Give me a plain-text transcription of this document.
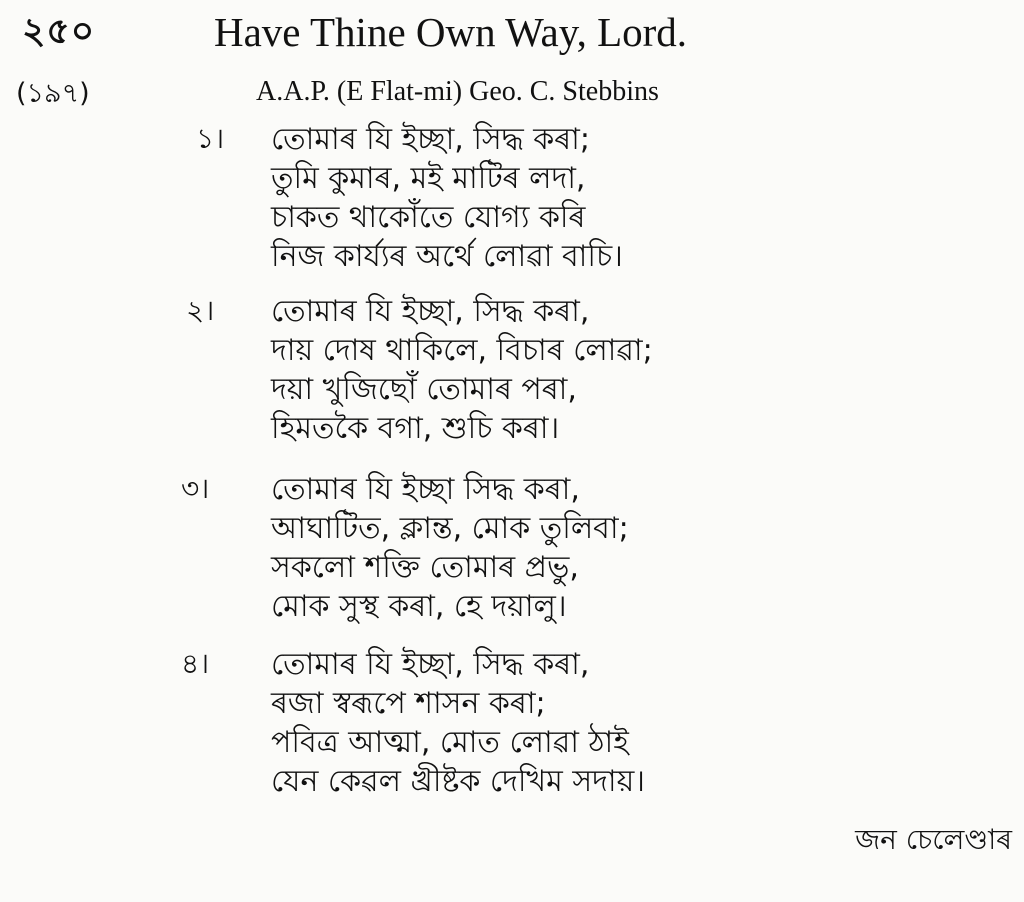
২৫০	Have Thine Own Way, Lord.
(১৯৭)	A.A.P. (E Flat-mi) Geo. C. Stebbins
১। তোমাৰ যি ইচ্ছা, সিদ্ধ কৰা;
তুমি কুমাৰ, মই মাটিৰ লদা,
চাকত থাকোঁতে যোগ্য কৰি
নিজ কাৰ্য্যৰ অৰ্থে লোৱা বাচি।
২। তোমাৰ যি ইচ্ছা, সিদ্ধ কৰা,
দায় দোষ থাকিলে, বিচাৰ লোৱা;
দয়া খুজিছোঁ তোমাৰ পৰা,
হিমতকৈ বগা, শুচি কৰা।
৩। তোমাৰ যি ইচ্ছা সিদ্ধ কৰা,
আঘাটিত, ক্লান্ত, মোক তুলিবা;
সকলো শক্তি তোমাৰ প্ৰভু,
মোক সুস্থ কৰা, হে দয়ালু।
৪। তোমাৰ যি ইচ্ছা, সিদ্ধ কৰা,
ৰজা স্বৰূপে শাসন কৰা;
পবিত্ৰ আত্মা, মোত লোৱা ঠাই
যেন কেৱল খ্ৰীষ্টক দেখিম সদায়।
জন চেলেণ্ডাৰ
